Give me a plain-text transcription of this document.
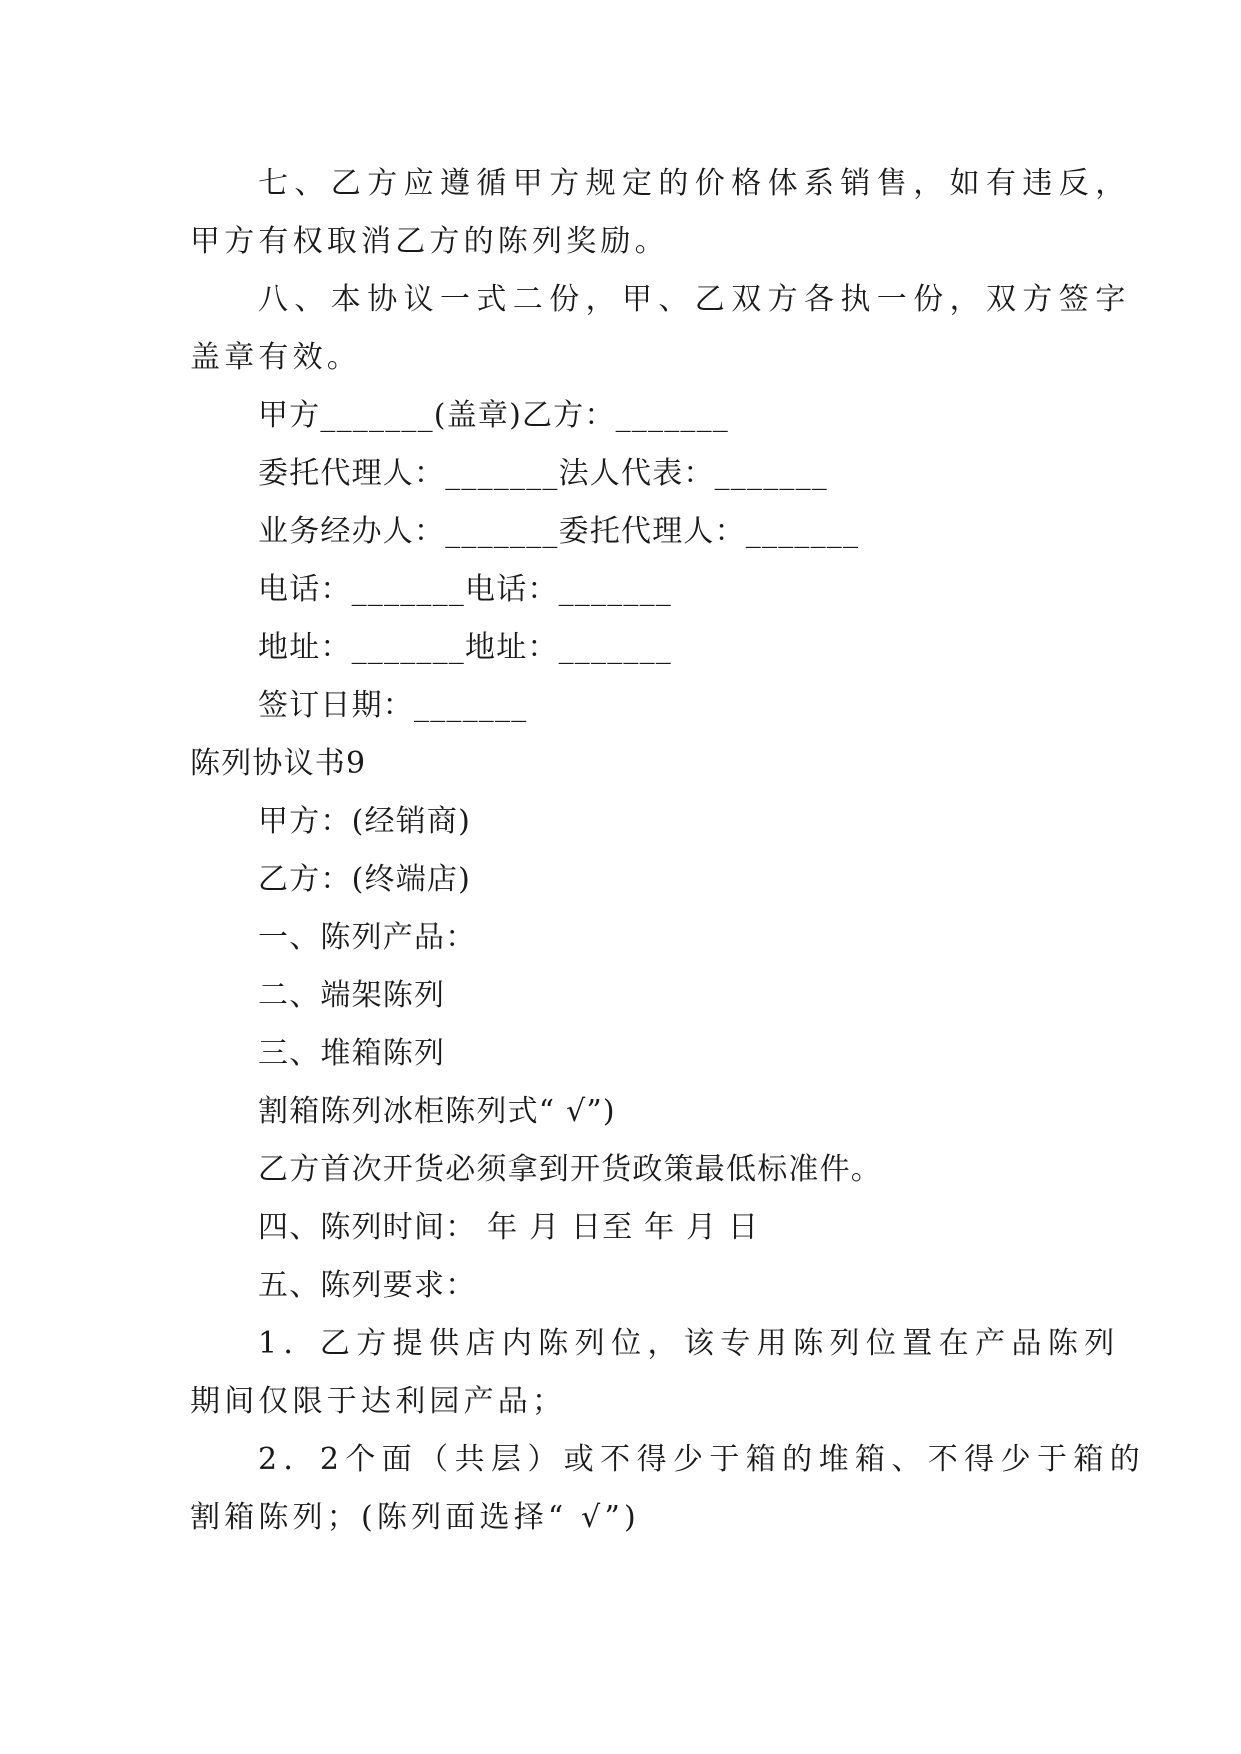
七、乙方应遵循甲方规定的价格体系销售，如有违反，
甲方有权取消乙方的陈列奖励。
八、本协议一式二份，甲、乙双方各执一份，双方签字
盖章有效。
甲方_______(盖章)乙方：_______
委托代理人：_______法人代表：_______
业务经办人：_______委托代理人：_______
电话：_______电话：_______
地址：_______地址：_______
签订日期：_______
陈列协议书9
甲方：(经销商)
乙方：(终端店)
一、陈列产品：
二、端架陈列
三、堆箱陈列
割箱陈列冰柜陈列式“ √”)
乙方首次开货必须拿到开货政策最低标准件。
四、陈列时间： 年 月 日至 年 月 日
五、陈列要求：
1．乙方提供店内陈列位，该专用陈列位置在产品陈列
期间仅限于达利园产品；
2．2个面（共层）或不得少于箱的堆箱、不得少于箱的
割箱陈列；(陈列面选择“ √”)
